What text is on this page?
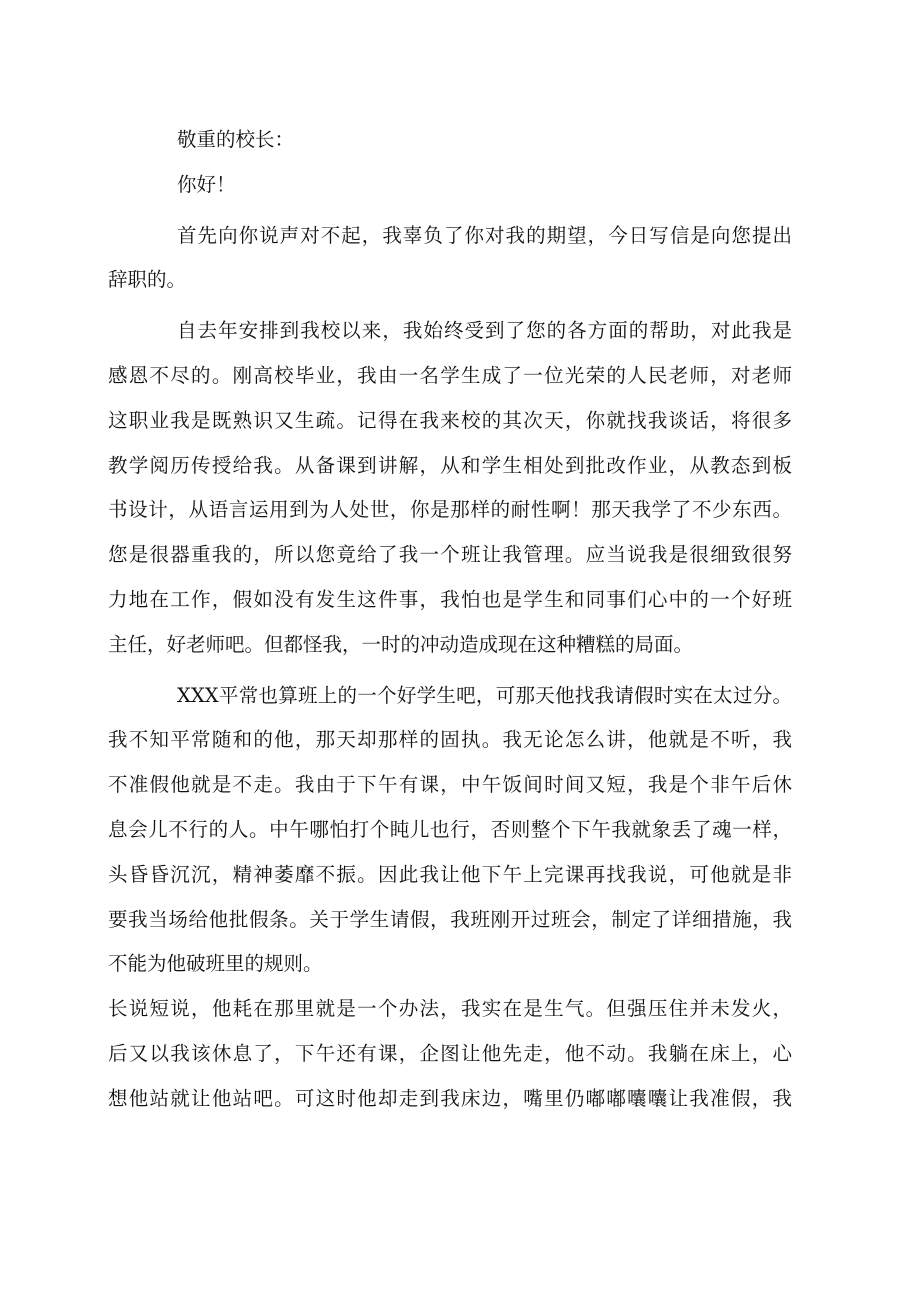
敬重的校长：
你好！
首先向你说声对不起，我辜负了你对我的期望，今日写信是向您提出
辞职的。
自去年安排到我校以来，我始终受到了您的各方面的帮助，对此我是
感恩不尽的。刚高校毕业，我由一名学生成了一位光荣的人民老师，对老师
这职业我是既熟识又生疏。记得在我来校的其次天，你就找我谈话，将很多
教学阅历传授给我。从备课到讲解，从和学生相处到批改作业，从教态到板
书设计，从语言运用到为人处世，你是那样的耐性啊！那天我学了不少东西。
您是很器重我的，所以您竟给了我一个班让我管理。应当说我是很细致很努
力地在工作，假如没有发生这件事，我怕也是学生和同事们心中的一个好班
主任，好老师吧。但都怪我，一时的冲动造成现在这种糟糕的局面。
XXX平常也算班上的一个好学生吧，可那天他找我请假时实在太过分。
我不知平常随和的他，那天却那样的固执。我无论怎么讲，他就是不听，我
不准假他就是不走。我由于下午有课，中午饭间时间又短，我是个非午后休
息会儿不行的人。中午哪怕打个盹儿也行，否则整个下午我就象丢了魂一样，
头昏昏沉沉，精神萎靡不振。因此我让他下午上完课再找我说，可他就是非
要我当场给他批假条。关于学生请假，我班刚开过班会，制定了详细措施，我
不能为他破班里的规则。
长说短说，他耗在那里就是一个办法，我实在是生气。但强压住并未发火，
后又以我该休息了，下午还有课，企图让他先走，他不动。我躺在床上，心
想他站就让他站吧。可这时他却走到我床边，嘴里仍嘟嘟囔囔让我准假，我
